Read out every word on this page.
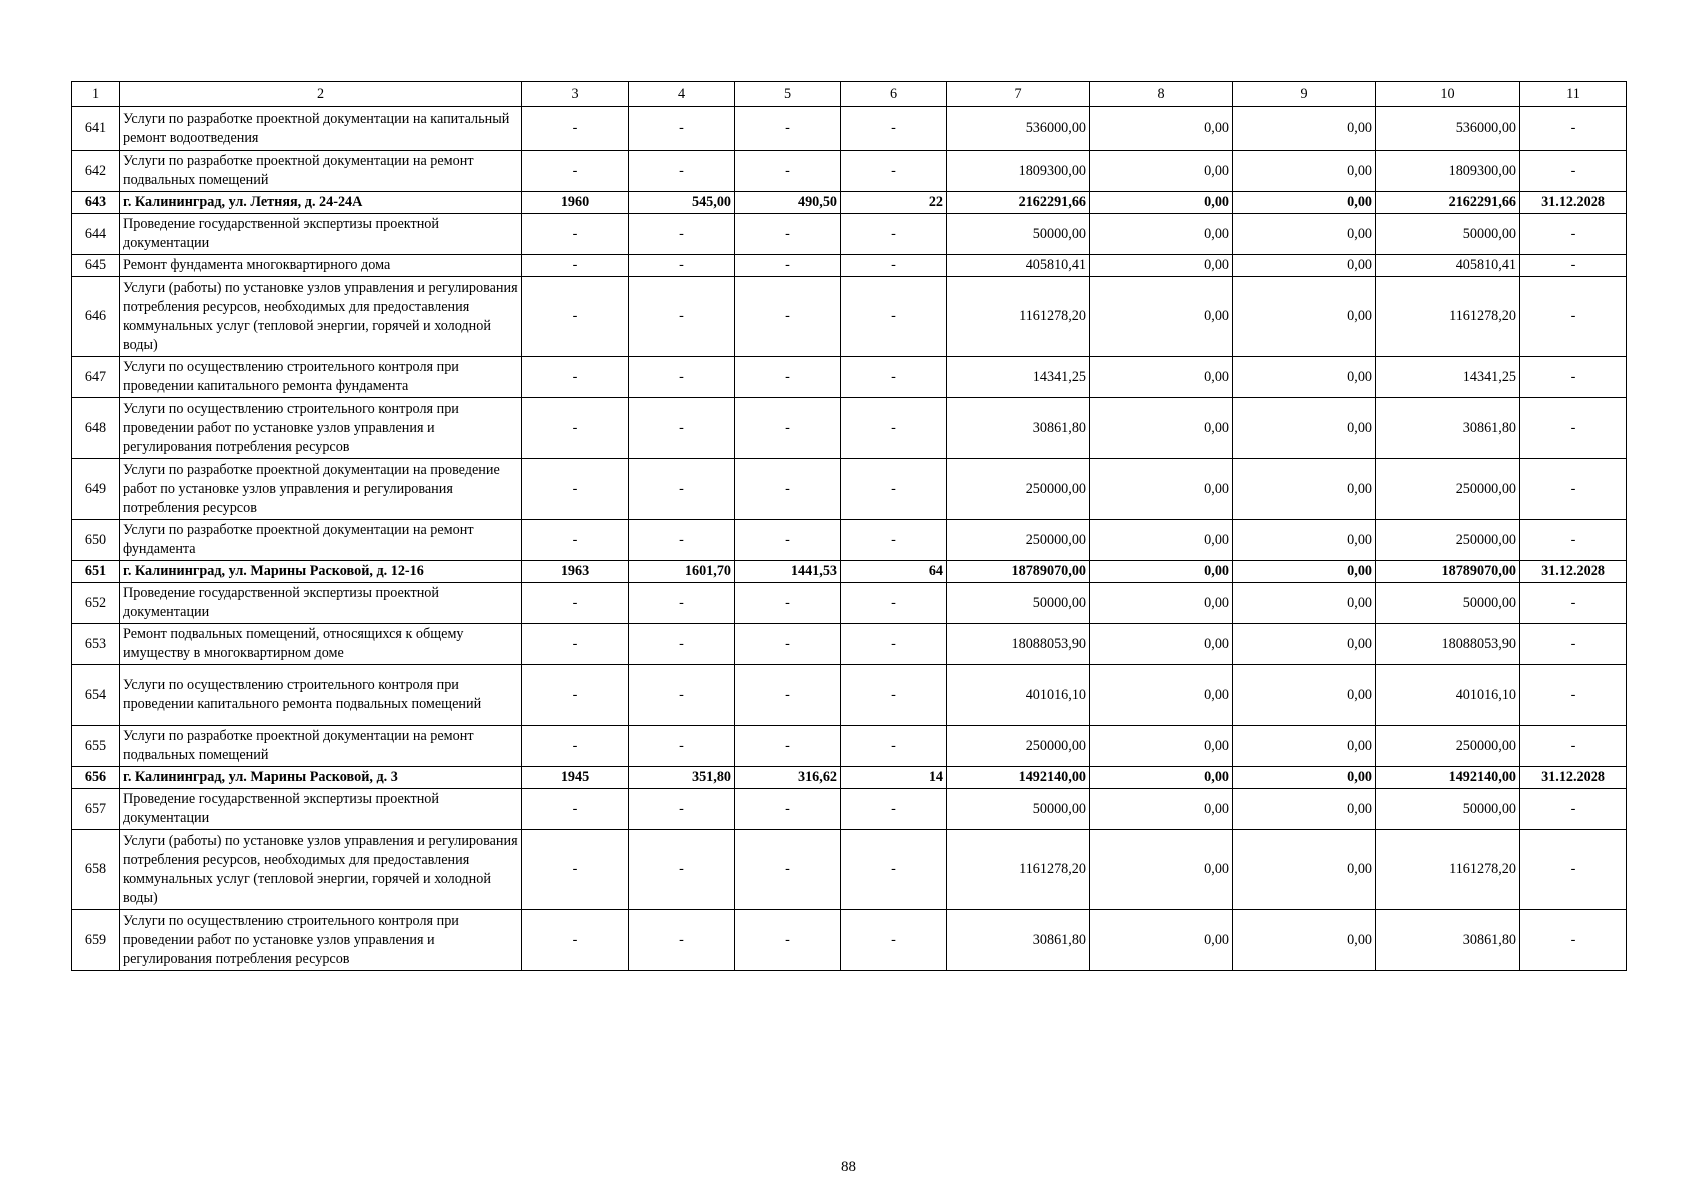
1	2	3	4	5	6	7	8	9	10	11
641	Услуги по разработке проектной документации на капитальный ремонт водоотведения	-	-	-	-	536000,00	0,00	0,00	536000,00	-
642	Услуги по разработке проектной документации на ремонт подвальных помещений	-	-	-	-	1809300,00	0,00	0,00	1809300,00	-
643	г. Калининград, ул. Летняя, д. 24-24А	1960	545,00	490,50	22	2162291,66	0,00	0,00	2162291,66	31.12.2028
644	Проведение государственной экспертизы проектной документации	-	-	-	-	50000,00	0,00	0,00	50000,00	-
645	Ремонт фундамента многоквартирного дома	-	-	-	-	405810,41	0,00	0,00	405810,41	-
646	Услуги (работы) по установке узлов управления и регулирования потребления ресурсов, необходимых для предоставления коммунальных услуг (тепловой энергии, горячей и холодной воды)	-	-	-	-	1161278,20	0,00	0,00	1161278,20	-
647	Услуги по осуществлению строительного контроля при проведении капитального ремонта фундамента	-	-	-	-	14341,25	0,00	0,00	14341,25	-
648	Услуги по осуществлению строительного контроля при проведении работ по установке узлов управления и регулирования потребления ресурсов	-	-	-	-	30861,80	0,00	0,00	30861,80	-
649	Услуги по разработке проектной документации на проведение работ по установке узлов управления и регулирования потребления ресурсов	-	-	-	-	250000,00	0,00	0,00	250000,00	-
650	Услуги по разработке проектной документации на ремонт фундамента	-	-	-	-	250000,00	0,00	0,00	250000,00	-
651	г. Калининград, ул. Марины Расковой, д. 12-16	1963	1601,70	1441,53	64	18789070,00	0,00	0,00	18789070,00	31.12.2028
652	Проведение государственной экспертизы проектной документации	-	-	-	-	50000,00	0,00	0,00	50000,00	-
653	Ремонт подвальных помещений, относящихся к общему имуществу в многоквартирном доме	-	-	-	-	18088053,90	0,00	0,00	18088053,90	-
654	Услуги по осуществлению строительного контроля при проведении капитального ремонта подвальных помещений	-	-	-	-	401016,10	0,00	0,00	401016,10	-
655	Услуги по разработке проектной документации на ремонт подвальных помещений	-	-	-	-	250000,00	0,00	0,00	250000,00	-
656	г. Калининград, ул. Марины Расковой, д. 3	1945	351,80	316,62	14	1492140,00	0,00	0,00	1492140,00	31.12.2028
657	Проведение государственной экспертизы проектной документации	-	-	-	-	50000,00	0,00	0,00	50000,00	-
658	Услуги (работы) по установке узлов управления и регулирования потребления ресурсов, необходимых для предоставления коммунальных услуг (тепловой энергии, горячей и холодной воды)	-	-	-	-	1161278,20	0,00	0,00	1161278,20	-
659	Услуги по осуществлению строительного контроля при проведении работ по установке узлов управления и регулирования потребления ресурсов	-	-	-	-	30861,80	0,00	0,00	30861,80	-
88
